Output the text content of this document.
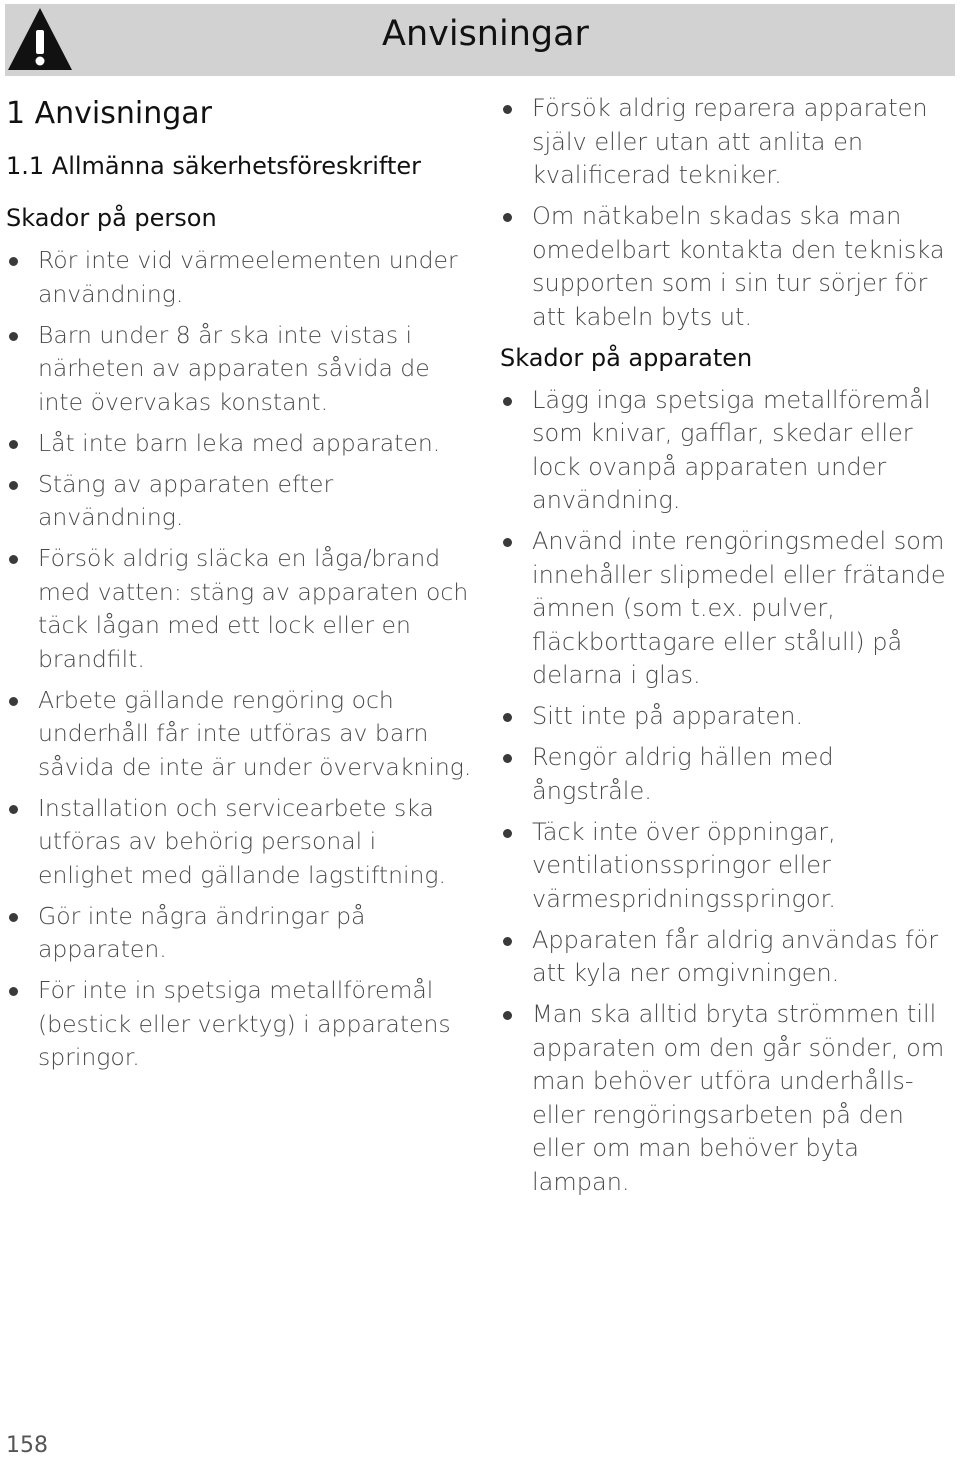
Anvisningar
1 Anvisningar
1.1 Allmänna säkerhetsföreskrifter
Skador på person
Rör inte vid värmeelementen under användning.
Barn under 8 år ska inte vistas i närheten av apparaten såvida de inte övervakas konstant.
Låt inte barn leka med apparaten.
Stäng av apparaten efter användning.
Försök aldrig släcka en låga/brand med vatten: stäng av apparaten och täck lågan med ett lock eller en brandfilt.
Arbete gällande rengöring och underhåll får inte utföras av barn såvida de inte är under övervakning.
Installation och servicearbete ska utföras av behörig personal i enlighet med gällande lagstiftning.
Gör inte några ändringar på apparaten.
För inte in spetsiga metallföremål (bestick eller verktyg) i apparatens springor.
Försök aldrig reparera apparaten själv eller utan att anlita en kvalificerad tekniker.
Om nätkabeln skadas ska man omedelbart kontakta den tekniska supporten som i sin tur sörjer för att kabeln byts ut.
Skador på apparaten
Lägg inga spetsiga metallföremål som knivar, gafflar, skedar eller lock ovanpå apparaten under användning.
Använd inte rengöringsmedel som innehåller slipmedel eller frätande ämnen (som t.ex. pulver, fläckborttagare eller stålull) på delarna i glas.
Sitt inte på apparaten.
Rengör aldrig hällen med ångstråle.
Täck inte över öppningar, ventilationsspringor eller värmespridningsspringor.
Apparaten får aldrig användas för att kyla ner omgivningen.
Man ska alltid bryta strömmen till apparaten om den går sönder, om man behöver utföra underhålls- eller rengöringsarbeten på den eller om man behöver byta lampan.
158
